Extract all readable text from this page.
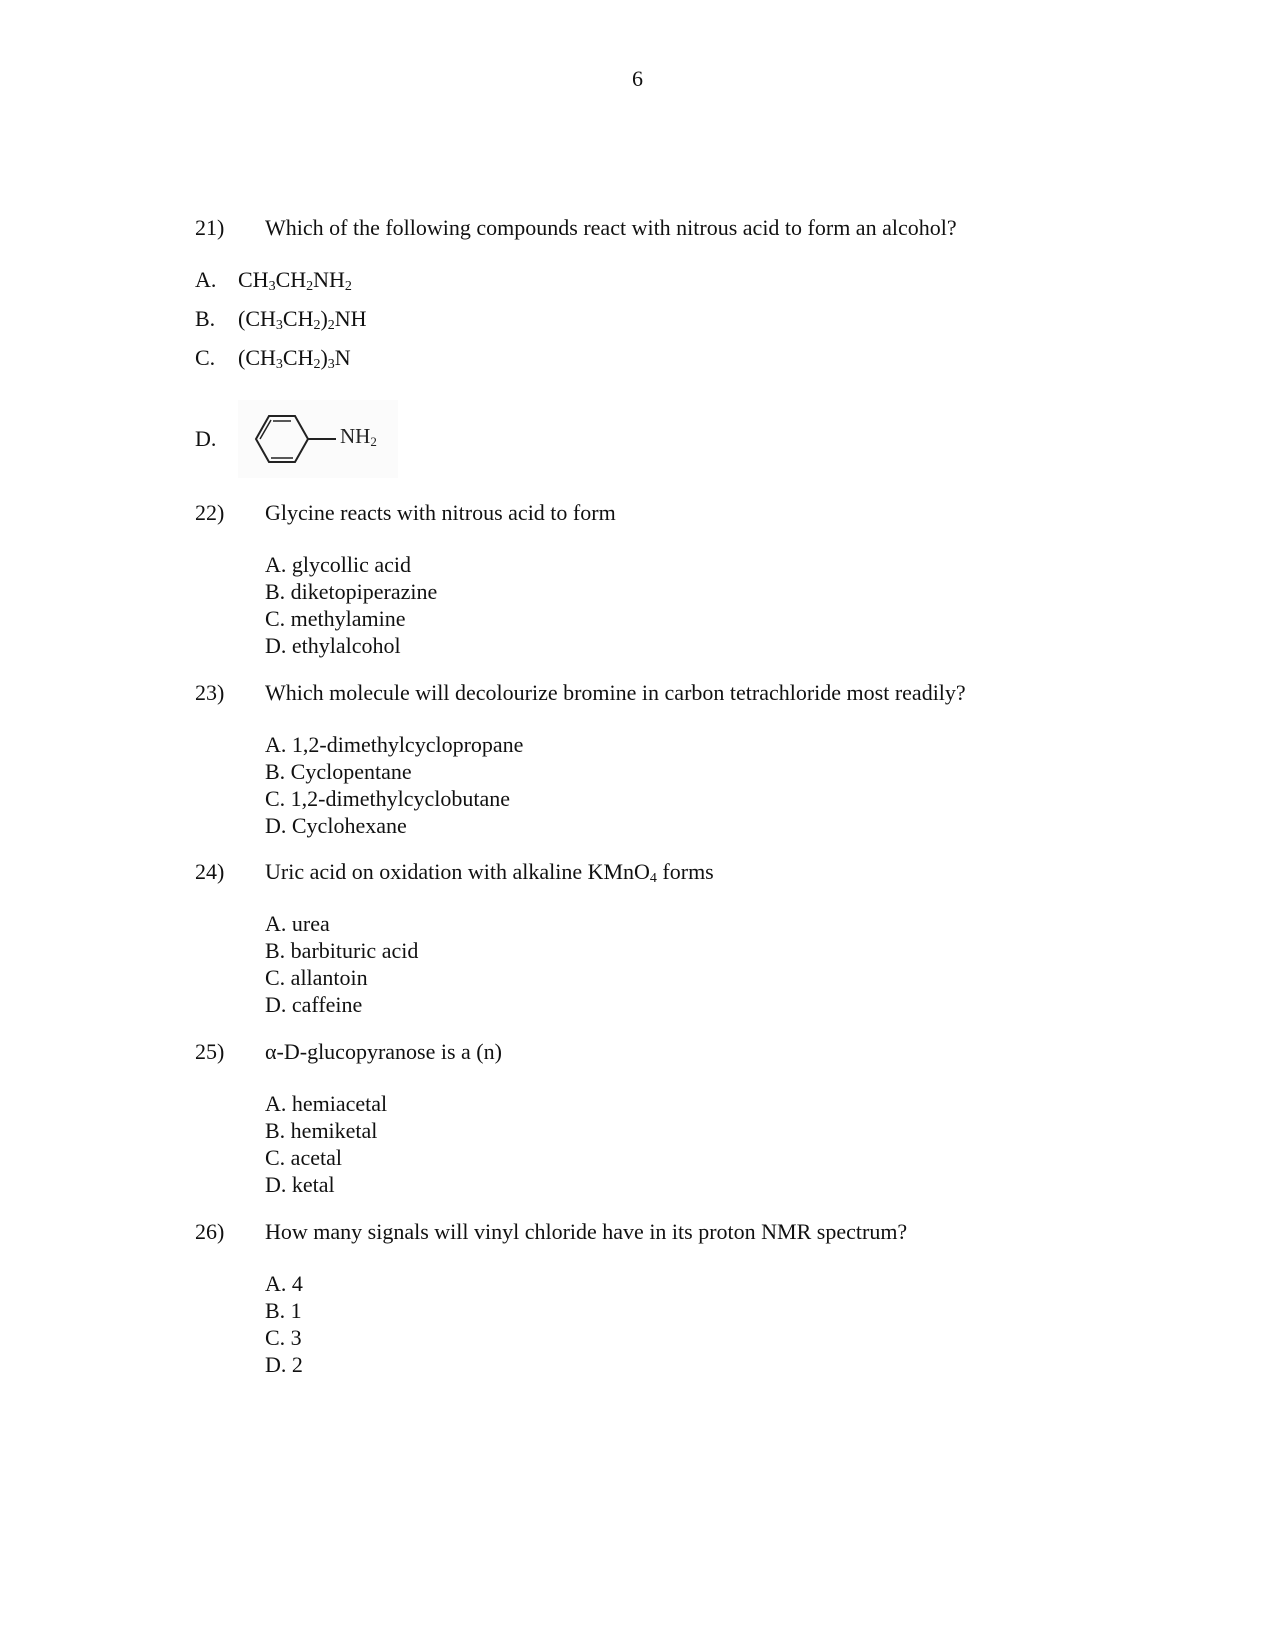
6
21)	Which of the following compounds react with nitrous acid to form an alcohol?
A. $CH_3CH_2NH_2$
B.	$(CH_3CH_2)_2NH$
C.	$(CH_3CH_2)_3N$
D.	$NH_2$
22)	Glycine reacts with nitrous acid to form
A. glycollic acid
B. diketopiperazine
C. methylamine
D. ethylalcohol
23)	Which molecule will decolourize bromine in carbon tetrachloride most readily?
A. 1,2-dimethylcyclopropane
B. Cyclopentane
C. 1,2-dimethylcyclobutane
D. Cyclohexane
24)	Uric acid on oxidation with alkaline KMnO$_4$ forms
A. urea
B. barbituric acid
C. allantoin
D. caffeine
25)	α-D-glucopyranose is a (n)
A. hemiacetal
B. hemiketal
C. acetal
D. ketal
26)	How many signals will vinyl chloride have in its proton NMR spectrum?
A. 4
B. 1
C. 3
D. 2
